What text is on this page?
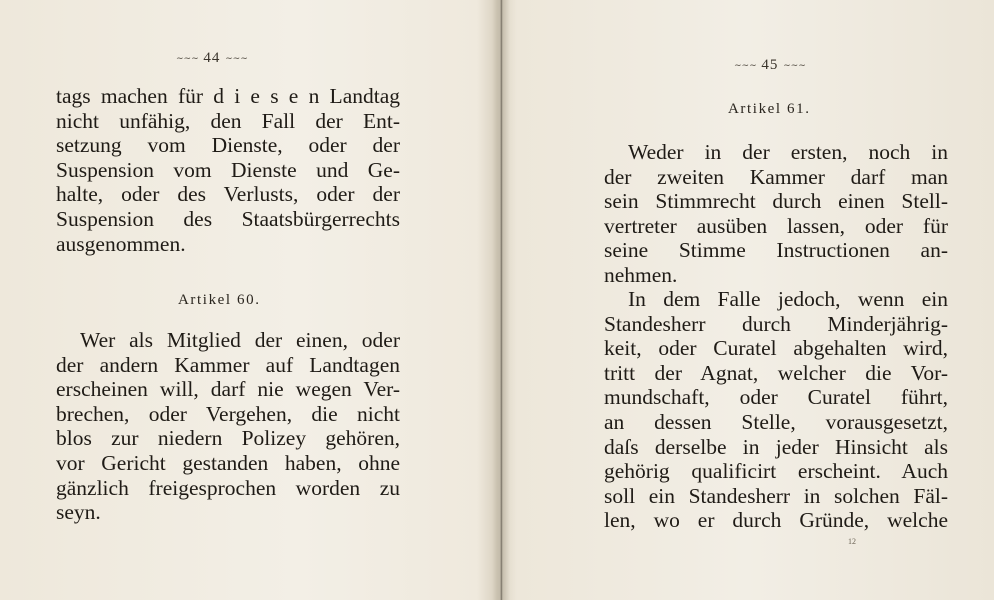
∼∼∼ 44 ∼∼∼
tags machen für d i e s e n Landtag
nicht unfähig, den Fall der Ent-
setzung vom Dienste, oder der
Suspension vom Dienste und Ge-
halte, oder des Verlusts, oder der
Suspension des Staatsbürgerrechts
ausgenommen.
Artikel 60.
Wer als Mitglied der einen, oder
der andern Kammer auf Landtagen
erscheinen will, darf nie wegen Ver-
brechen, oder Vergehen, die nicht
blos zur niedern Polizey gehören,
vor Gericht gestanden haben, ohne
gänzlich freigesprochen worden zu
seyn.
∼∼∼ 45 ∼∼∼
Artikel 61.
Weder in der ersten, noch in
der zweiten Kammer darf man
sein Stimmrecht durch einen Stell-
vertreter ausüben lassen, oder für
seine Stimme Instructionen an-
nehmen.
In dem Falle jedoch, wenn ein
Standesherr durch Minderjährig-
keit, oder Curatel abgehalten wird,
tritt der Agnat, welcher die Vor-
mundschaft, oder Curatel führt,
an dessen Stelle, vorausgesetzt,
daſs derselbe in jeder Hinsicht als
gehörig qualificirt erscheint. Auch
soll ein Standesherr in solchen Fäl-
len, wo er durch Gründe, welche
12
